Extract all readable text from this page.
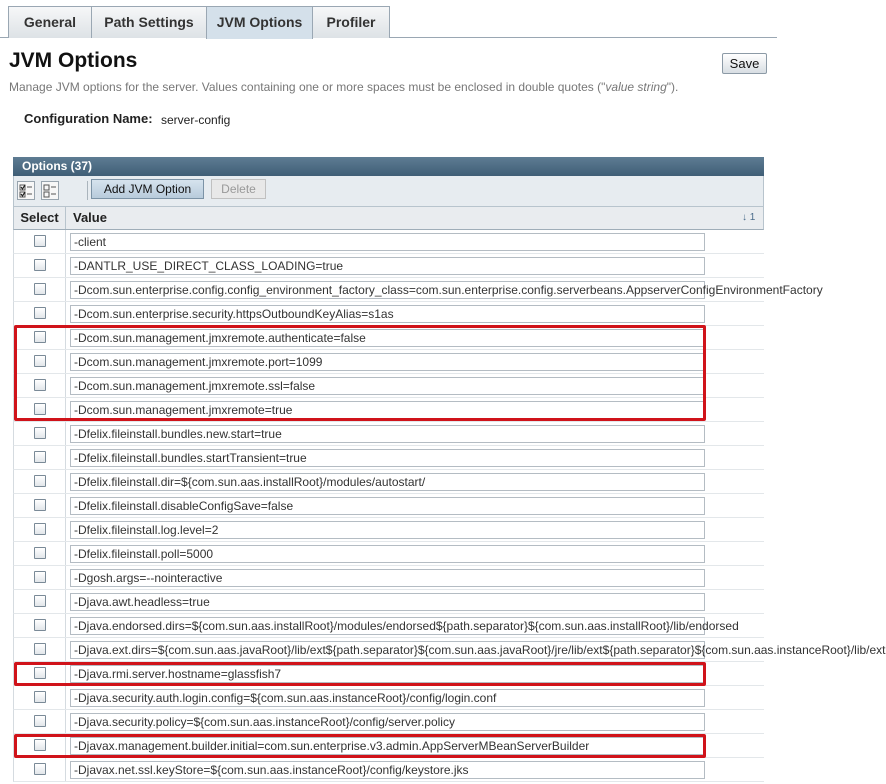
General	Path Settings	JVM Options	Profiler
JVM Options	Save
Manage JVM options for the server. Values containing one or more spaces must be enclosed in double quotes ("value string").
Configuration Name: server-config
Options (37)
Add JVM Option	Delete
Select	Value	↓ 1
-client
-DANTLR_USE_DIRECT_CLASS_LOADING=true
-Dcom.sun.enterprise.config.config_environment_factory_class=com.sun.enterprise.config.serverbeans.AppserverConfigEnvironmentFactory
-Dcom.sun.enterprise.security.httpsOutboundKeyAlias=s1as
-Dcom.sun.management.jmxremote.authenticate=false
-Dcom.sun.management.jmxremote.port=1099
-Dcom.sun.management.jmxremote.ssl=false
-Dcom.sun.management.jmxremote=true
-Dfelix.fileinstall.bundles.new.start=true
-Dfelix.fileinstall.bundles.startTransient=true
-Dfelix.fileinstall.dir=${com.sun.aas.installRoot}/modules/autostart/
-Dfelix.fileinstall.disableConfigSave=false
-Dfelix.fileinstall.log.level=2
-Dfelix.fileinstall.poll=5000
-Dgosh.args=--nointeractive
-Djava.awt.headless=true
-Djava.endorsed.dirs=${com.sun.aas.installRoot}/modules/endorsed${path.separator}${com.sun.aas.installRoot}/lib/endorsed
-Djava.ext.dirs=${com.sun.aas.javaRoot}/lib/ext${path.separator}${com.sun.aas.javaRoot}/jre/lib/ext${path.separator}${com.sun.aas.instanceRoot}/lib/ext
-Djava.rmi.server.hostname=glassfish7
-Djava.security.auth.login.config=${com.sun.aas.instanceRoot}/config/login.conf
-Djava.security.policy=${com.sun.aas.instanceRoot}/config/server.policy
-Djavax.management.builder.initial=com.sun.enterprise.v3.admin.AppServerMBeanServerBuilder
-Djavax.net.ssl.keyStore=${com.sun.aas.instanceRoot}/config/keystore.jks
